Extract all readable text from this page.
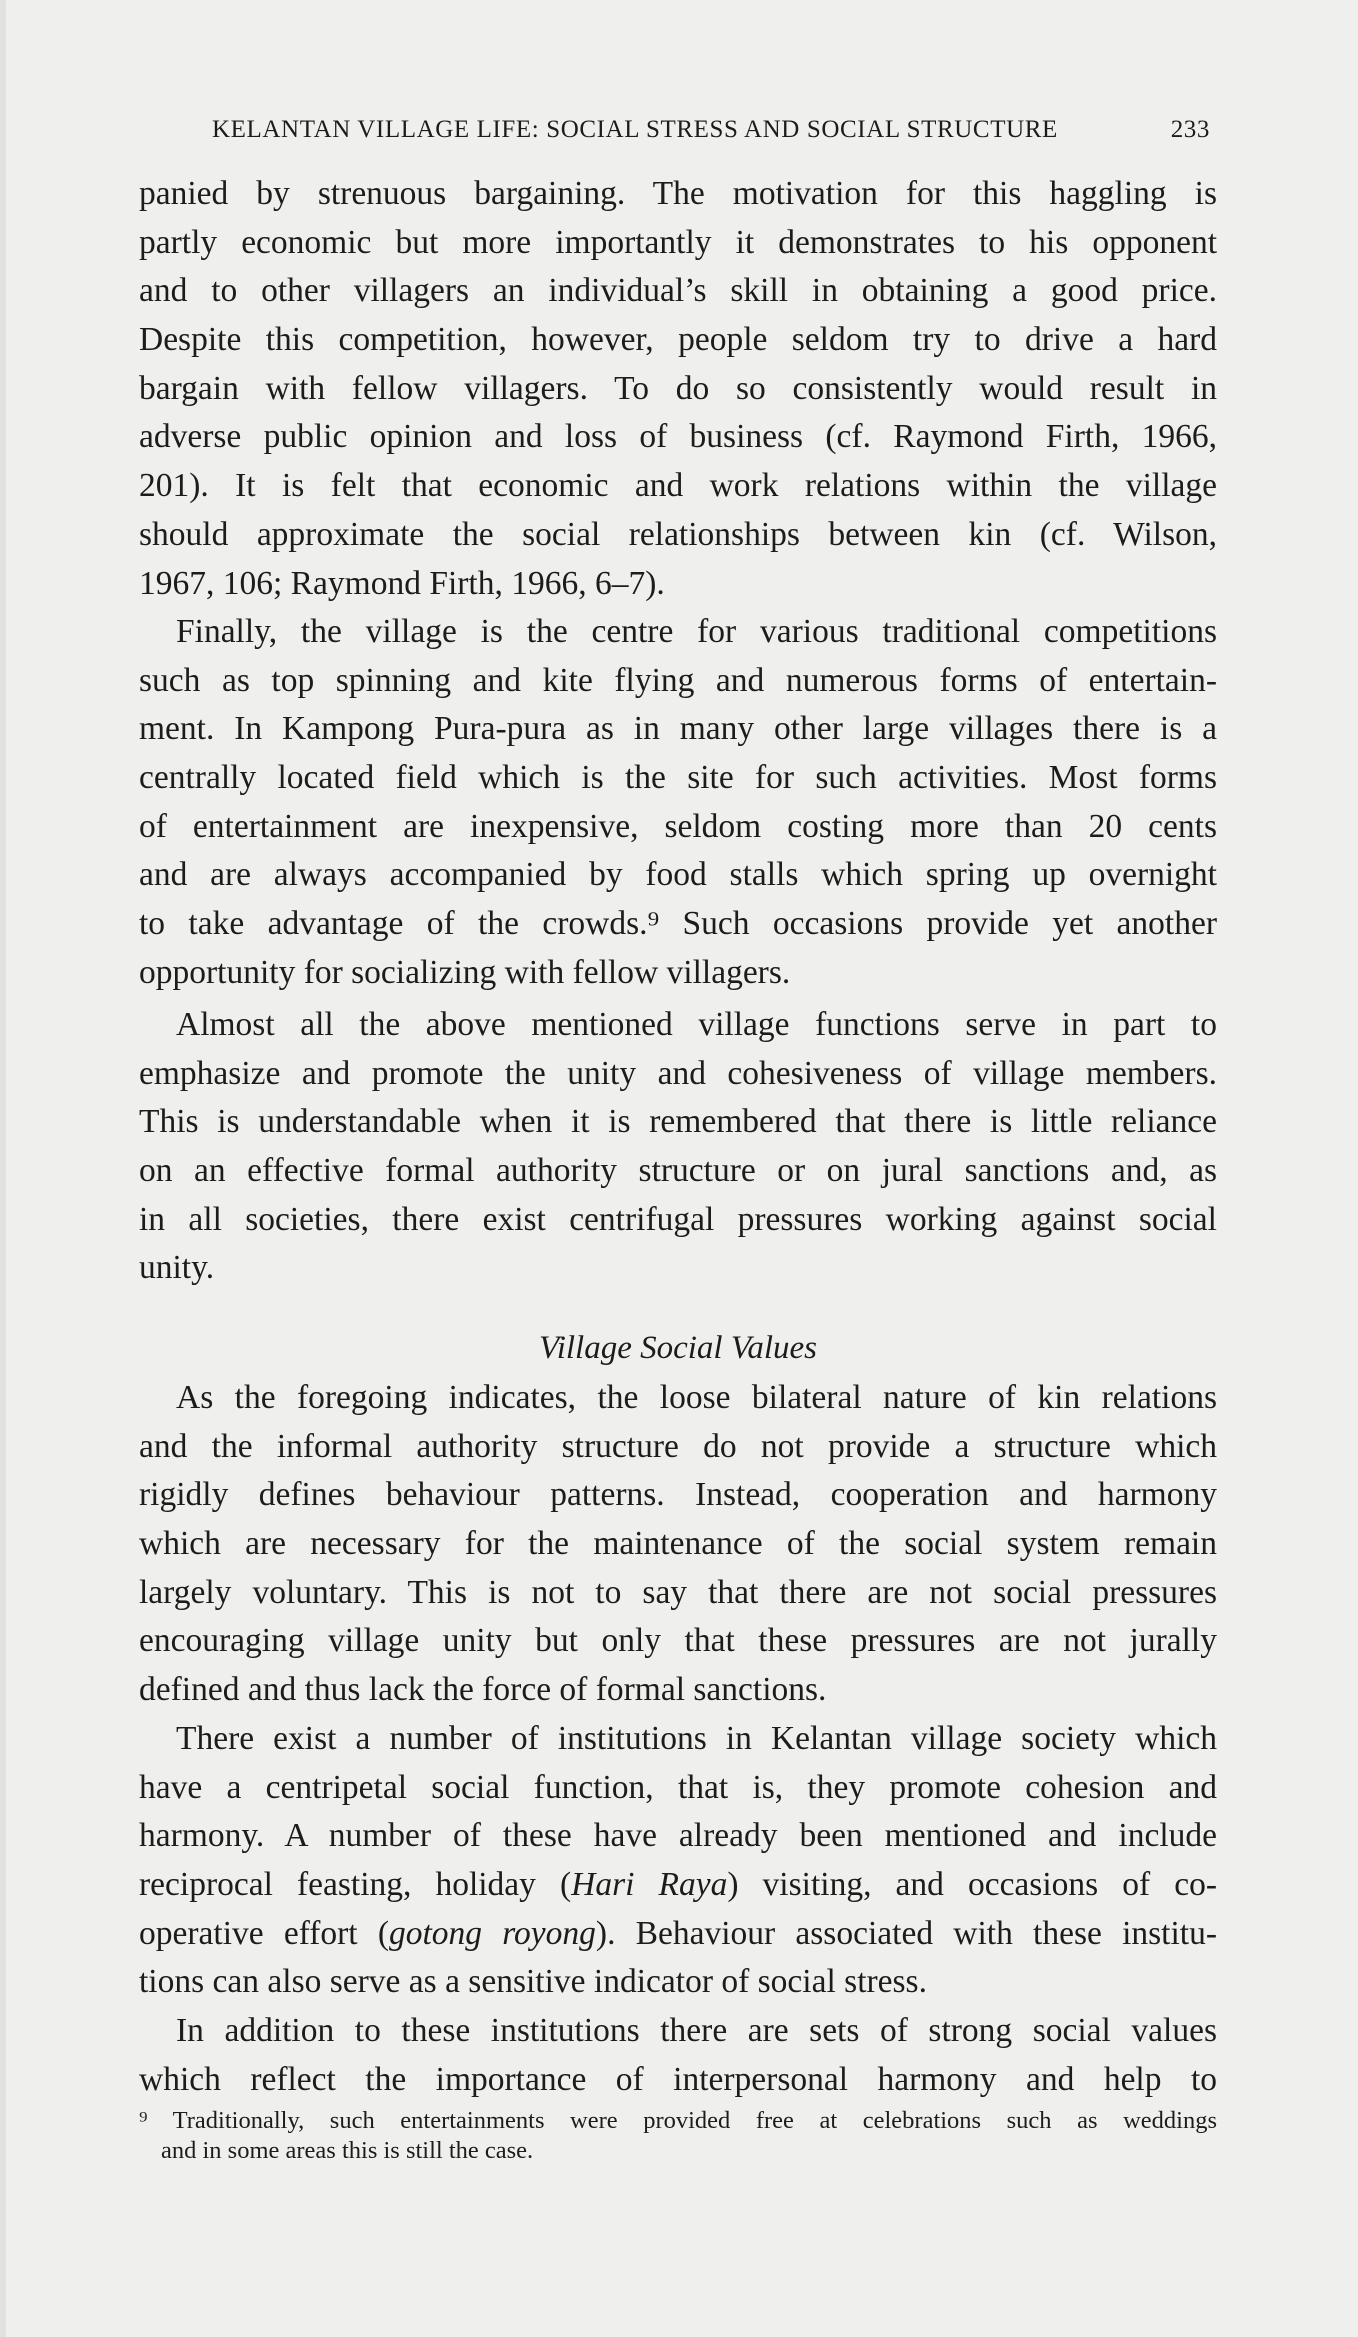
KELANTAN VILLAGE LIFE: SOCIAL STRESS AND SOCIAL STRUCTURE	233
panied by strenuous bargaining. The motivation for this haggling is
partly economic but more importantly it demonstrates to his opponent
and to other villagers an individual’s skill in obtaining a good price.
Despite this competition, however, people seldom try to drive a hard
bargain with fellow villagers. To do so consistently would result in
adverse public opinion and loss of business (cf. Raymond Firth, 1966,
201). It is felt that economic and work relations within the village
should approximate the social relationships between kin (cf. Wilson,
1967, 106; Raymond Firth, 1966, 6–7).
Finally, the village is the centre for various traditional competitions
such as top spinning and kite flying and numerous forms of entertain-
ment. In Kampong Pura-pura as in many other large villages there is a
centrally located field which is the site for such activities. Most forms
of entertainment are inexpensive, seldom costing more than 20 cents
and are always accompanied by food stalls which spring up overnight
to take advantage of the crowds.⁹ Such occasions provide yet another
opportunity for socializing with fellow villagers.
Almost all the above mentioned village functions serve in part to
emphasize and promote the unity and cohesiveness of village members.
This is understandable when it is remembered that there is little reliance
on an effective formal authority structure or on jural sanctions and, as
in all societies, there exist centrifugal pressures working against social
unity.
Village Social Values
As the foregoing indicates, the loose bilateral nature of kin relations
and the informal authority structure do not provide a structure which
rigidly defines behaviour patterns. Instead, cooperation and harmony
which are necessary for the maintenance of the social system remain
largely voluntary. This is not to say that there are not social pressures
encouraging village unity but only that these pressures are not jurally
defined and thus lack the force of formal sanctions.
There exist a number of institutions in Kelantan village society which
have a centripetal social function, that is, they promote cohesion and
harmony. A number of these have already been mentioned and include
reciprocal feasting, holiday (Hari Raya) visiting, and occasions of co-
operative effort (gotong royong). Behaviour associated with these institu-
tions can also serve as a sensitive indicator of social stress.
In addition to these institutions there are sets of strong social values
which reflect the importance of interpersonal harmony and help to
⁹ Traditionally, such entertainments were provided free at celebrations such as weddings
and in some areas this is still the case.
